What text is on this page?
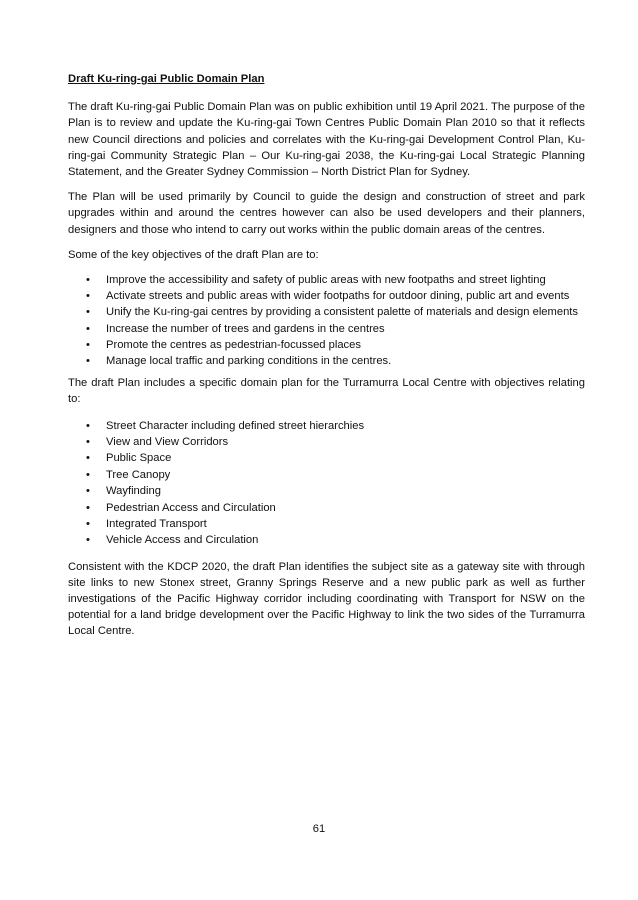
Draft Ku-ring-gai Public Domain Plan

The draft Ku-ring-gai Public Domain Plan was on public exhibition until 19 April 2021. The purpose of the Plan is to review and update the Ku-ring-gai Town Centres Public Domain Plan 2010 so that it reflects new Council directions and policies and correlates with the Ku-ring-gai Development Control Plan, Ku-ring-gai Community Strategic Plan – Our Ku-ring-gai 2038, the Ku-ring-gai Local Strategic Planning Statement, and the Greater Sydney Commission – North District Plan for Sydney.

The Plan will be used primarily by Council to guide the design and construction of street and park upgrades within and around the centres however can also be used developers and their planners, designers and those who intend to carry out works within the public domain areas of the centres.

Some of the key objectives of the draft Plan are to:

• Improve the accessibility and safety of public areas with new footpaths and street lighting
• Activate streets and public areas with wider footpaths for outdoor dining, public art and events
• Unify the Ku-ring-gai centres by providing a consistent palette of materials and design elements
• Increase the number of trees and gardens in the centres
• Promote the centres as pedestrian-focussed places
• Manage local traffic and parking conditions in the centres.

The draft Plan includes a specific domain plan for the Turramurra Local Centre with objectives relating to:

• Street Character including defined street hierarchies
• View and View Corridors
• Public Space
• Tree Canopy
• Wayfinding
• Pedestrian Access and Circulation
• Integrated Transport
• Vehicle Access and Circulation

Consistent with the KDCP 2020, the draft Plan identifies the subject site as a gateway site with through site links to new Stonex street, Granny Springs Reserve and a new public park as well as further investigations of the Pacific Highway corridor including coordinating with Transport for NSW on the potential for a land bridge development over the Pacific Highway to link the two sides of the Turramurra Local Centre.

61
